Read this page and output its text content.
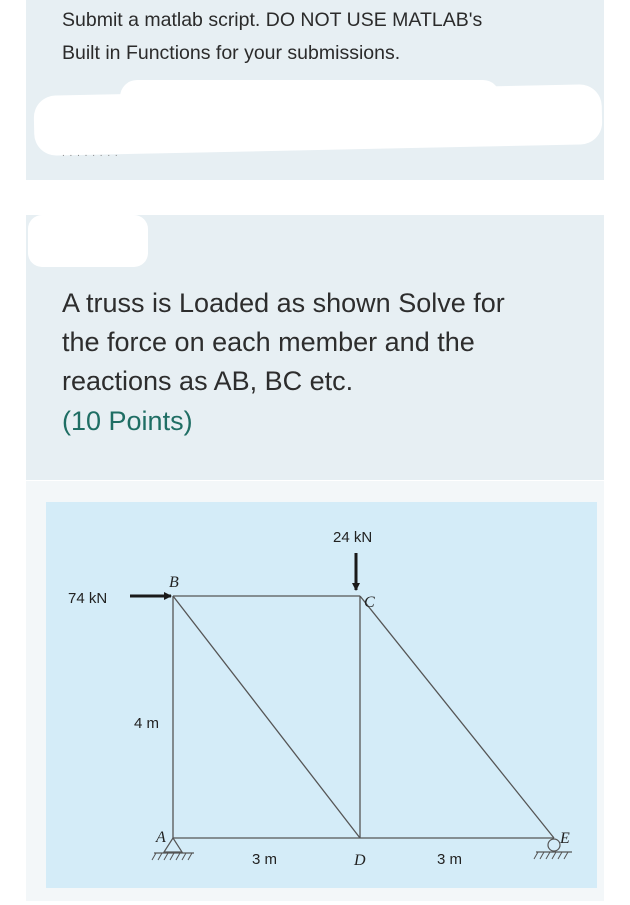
Submit a matlab script. DO NOT USE MATLAB's
Built in Functions for your submissions.

. . . . . . . .

A truss is Loaded as shown Solve for
the force on each member and the
reactions as AB, BC etc.

(10 Points)

74 kN
24 kN
B
C
A
D
E
4 m
3 m	3 m
